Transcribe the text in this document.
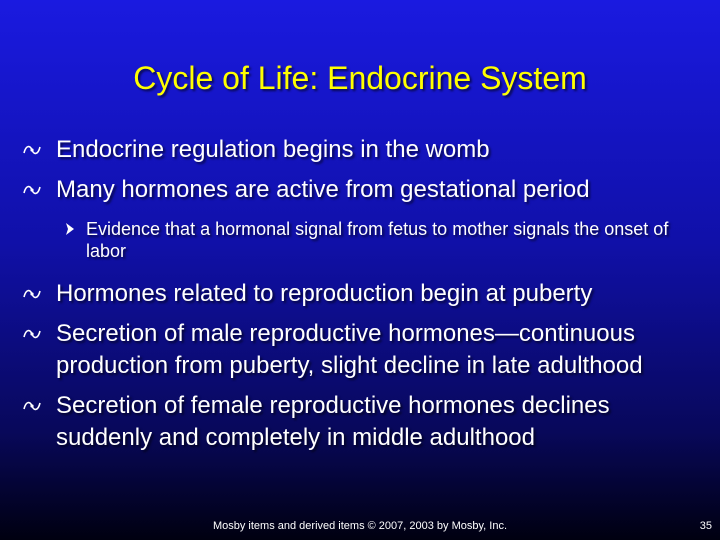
Cycle of Life: Endocrine System
Endocrine regulation begins in the womb
Many hormones are active from gestational period
Evidence that a hormonal signal from fetus to mother signals the onset of labor
Hormones related to reproduction begin at puberty
Secretion of male reproductive hormones—continuous production from puberty, slight decline in late adulthood
Secretion of female reproductive hormones declines suddenly and completely in middle adulthood
Mosby items and derived items © 2007, 2003 by Mosby, Inc.	35
